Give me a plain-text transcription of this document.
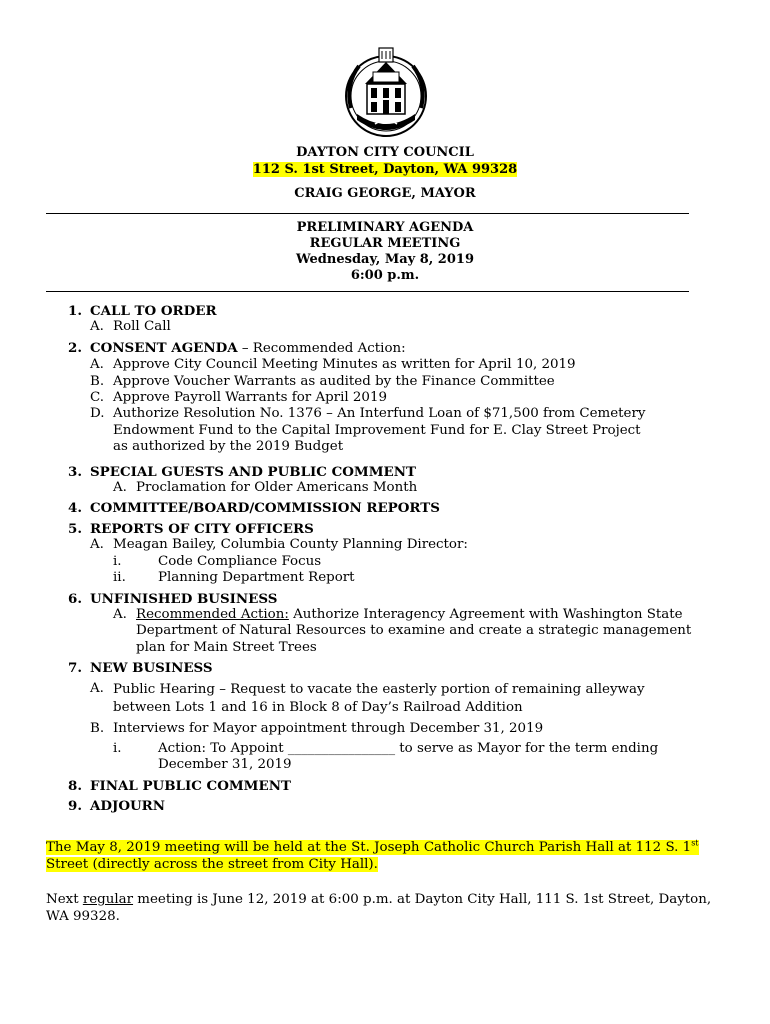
DAYTON CITY COUNCIL
112 S. 1st Street, Dayton, WA 99328
CRAIG GEORGE, MAYOR
PRELIMINARY AGENDA
REGULAR MEETING
Wednesday, May 8, 2019
6:00 p.m.
1. CALL TO ORDER
A. Roll Call
2. CONSENT AGENDA – Recommended Action:
A. Approve City Council Meeting Minutes as written for April 10, 2019
B. Approve Voucher Warrants as audited by the Finance Committee
C. Approve Payroll Warrants for April 2019
D. Authorize Resolution No. 1376 – An Interfund Loan of $71,500 from Cemetery Endowment Fund to the Capital Improvement Fund for E. Clay Street Project as authorized by the 2019 Budget
3. SPECIAL GUESTS AND PUBLIC COMMENT
A. Proclamation for Older Americans Month
4. COMMITTEE/BOARD/COMMISSION REPORTS
5. REPORTS OF CITY OFFICERS
A. Meagan Bailey, Columbia County Planning Director:
i.	Code Compliance Focus
ii.	Planning Department Report
6. UNFINISHED BUSINESS
A. Recommended Action: Authorize Interagency Agreement with Washington State Department of Natural Resources to examine and create a strategic management plan for Main Street Trees
7. NEW BUSINESS
A. Public Hearing – Request to vacate the easterly portion of remaining alleyway between Lots 1 and 16 in Block 8 of Day’s Railroad Addition
B. Interviews for Mayor appointment through December 31, 2019
i.	Action: To Appoint ________________ to serve as Mayor for the term ending December 31, 2019
8. FINAL PUBLIC COMMENT
9. ADJOURN
The May 8, 2019 meeting will be held at the St. Joseph Catholic Church Parish Hall at 112 S. 1st Street (directly across the street from City Hall).
Next regular meeting is June 12, 2019 at 6:00 p.m. at Dayton City Hall, 111 S. 1st Street, Dayton, WA 99328.
